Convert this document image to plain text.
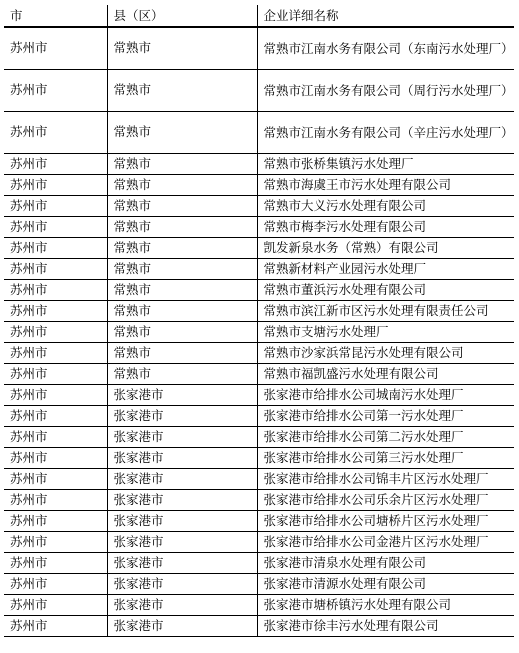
市	县（区）	企业详细名称
苏州市	常熟市	常熟市江南水务有限公司（东南污水处理厂）
苏州市	常熟市	常熟市江南水务有限公司（周行污水处理厂）
苏州市	常熟市	常熟市江南水务有限公司（辛庄污水处理厂）
苏州市	常熟市	常熟市张桥集镇污水处理厂
苏州市	常熟市	常熟市海虞王市污水处理有限公司
苏州市	常熟市	常熟市大义污水处理有限公司
苏州市	常熟市	常熟市梅李污水处理有限公司
苏州市	常熟市	凯发新泉水务（常熟）有限公司
苏州市	常熟市	常熟新材料产业园污水处理厂
苏州市	常熟市	常熟市董浜污水处理有限公司
苏州市	常熟市	常熟市滨江新市区污水处理有限责任公司
苏州市	常熟市	常熟市支塘污水处理厂
苏州市	常熟市	常熟市沙家浜常昆污水处理有限公司
苏州市	常熟市	常熟市福凯盛污水处理有限公司
苏州市	张家港市	张家港市给排水公司城南污水处理厂
苏州市	张家港市	张家港市给排水公司第一污水处理厂
苏州市	张家港市	张家港市给排水公司第二污水处理厂
苏州市	张家港市	张家港市给排水公司第三污水处理厂
苏州市	张家港市	张家港市给排水公司锦丰片区污水处理厂
苏州市	张家港市	张家港市给排水公司乐余片区污水处理厂
苏州市	张家港市	张家港市给排水公司塘桥片区污水处理厂
苏州市	张家港市	张家港市给排水公司金港片区污水处理厂
苏州市	张家港市	张家港市清泉水处理有限公司
苏州市	张家港市	张家港市清源水处理有限公司
苏州市	张家港市	张家港市塘桥镇污水处理有限公司
苏州市	张家港市	张家港市徐丰污水处理有限公司
